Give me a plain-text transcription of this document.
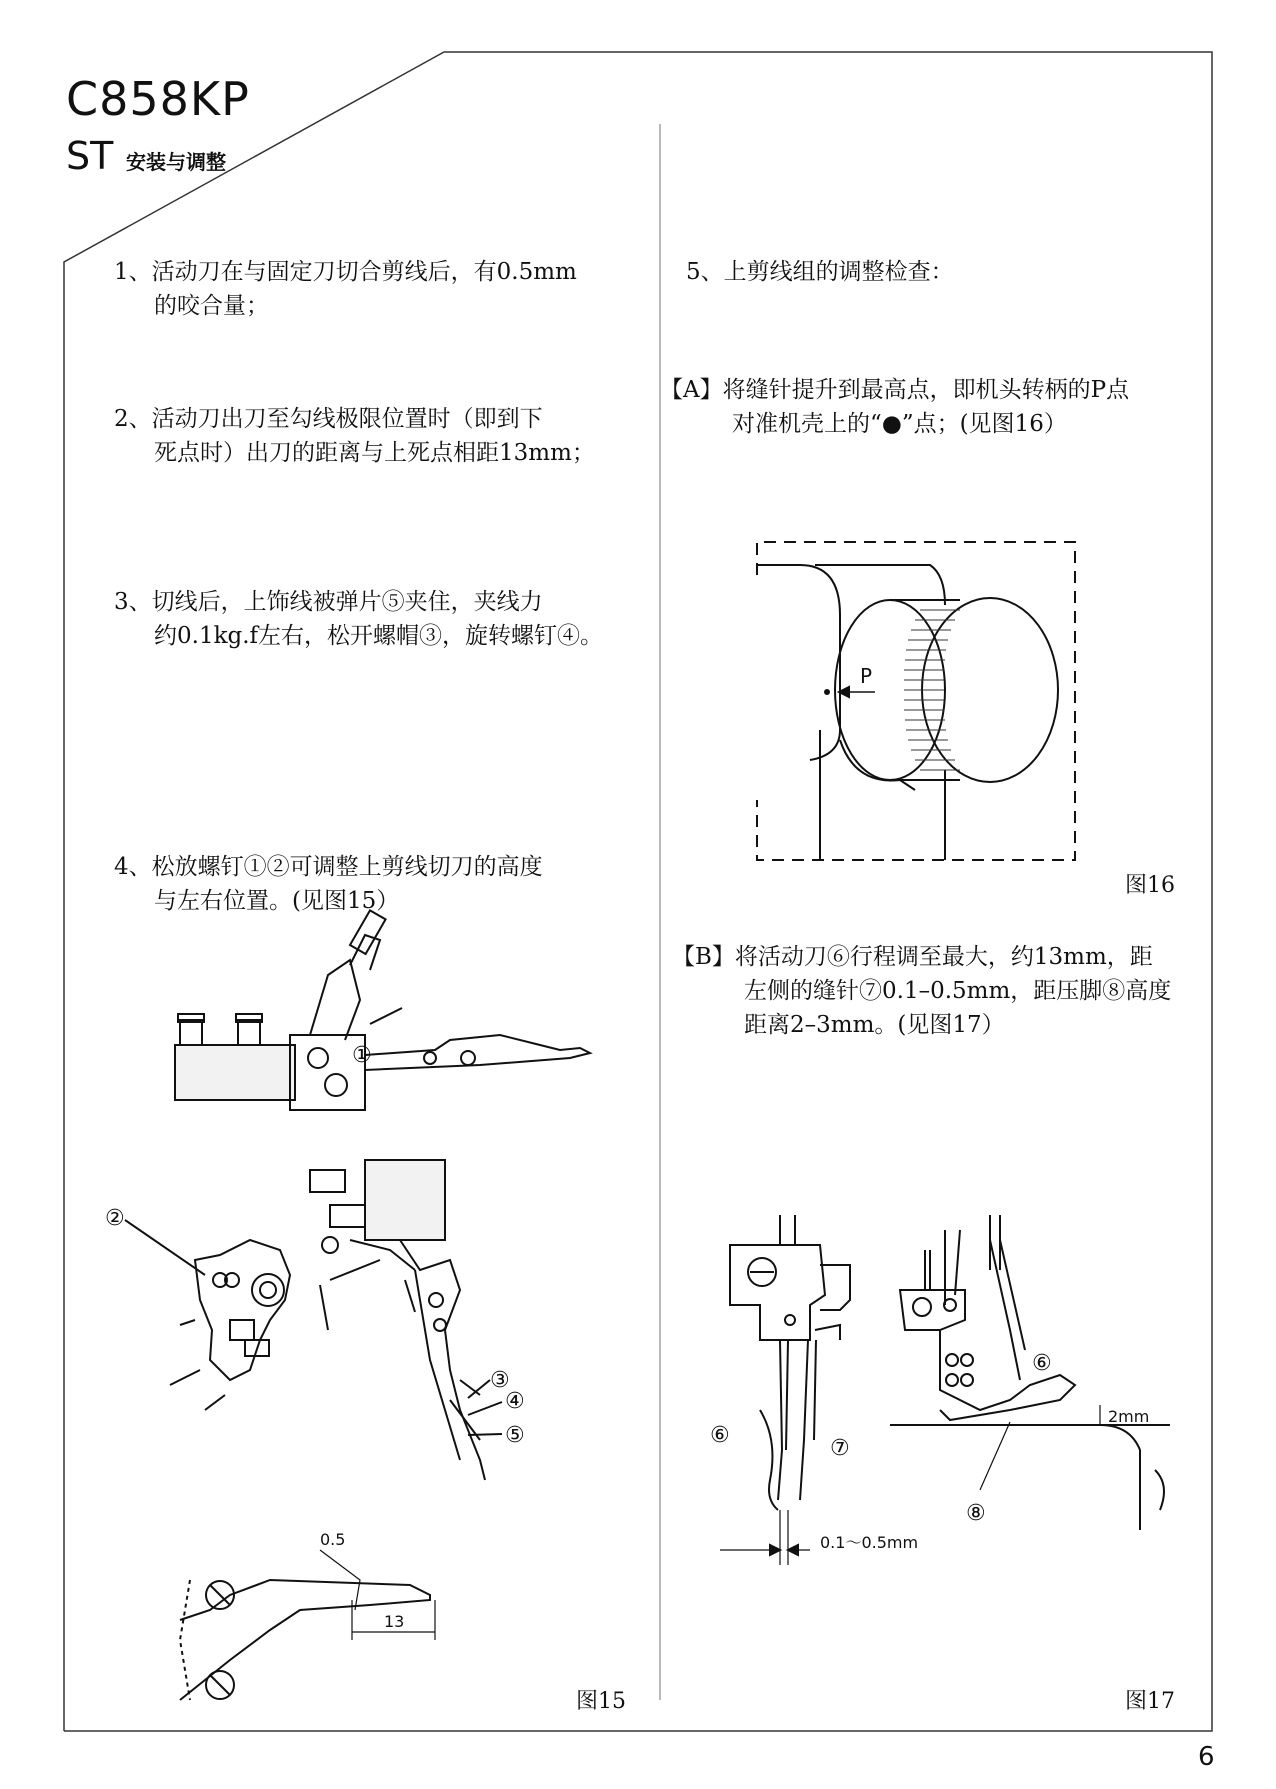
C858KP
ST 安装与调整
1、活动刀在与固定刀切合剪线后，有0.5mm
的咬合量；
2、活动刀出刀至勾线极限位置时（即到下
死点时）出刀的距离与上死点相距13mm；
3、切线后，上饰线被弹片⑤夹住，夹线力
约0.1kg.f左右，松开螺帽③，旋转螺钉④。
4、松放螺钉①②可调整上剪线切刀的高度
与左右位置。(见图15）
①
②
③
④
⑤
0.5
13
图15
5、上剪线组的调整检查：
【A】将缝针提升到最高点，即机头转柄的P点
对准机壳上的“●”点；(见图16）
P
图16
【B】将活动刀⑥行程调至最大，约13mm，距
左侧的缝针⑦0.1–0.5mm，距压脚⑧高度
距离2–3mm。(见图17）
⑥
⑦
⑥
⑧
0.1～0.5mm
2mm
图17
6
